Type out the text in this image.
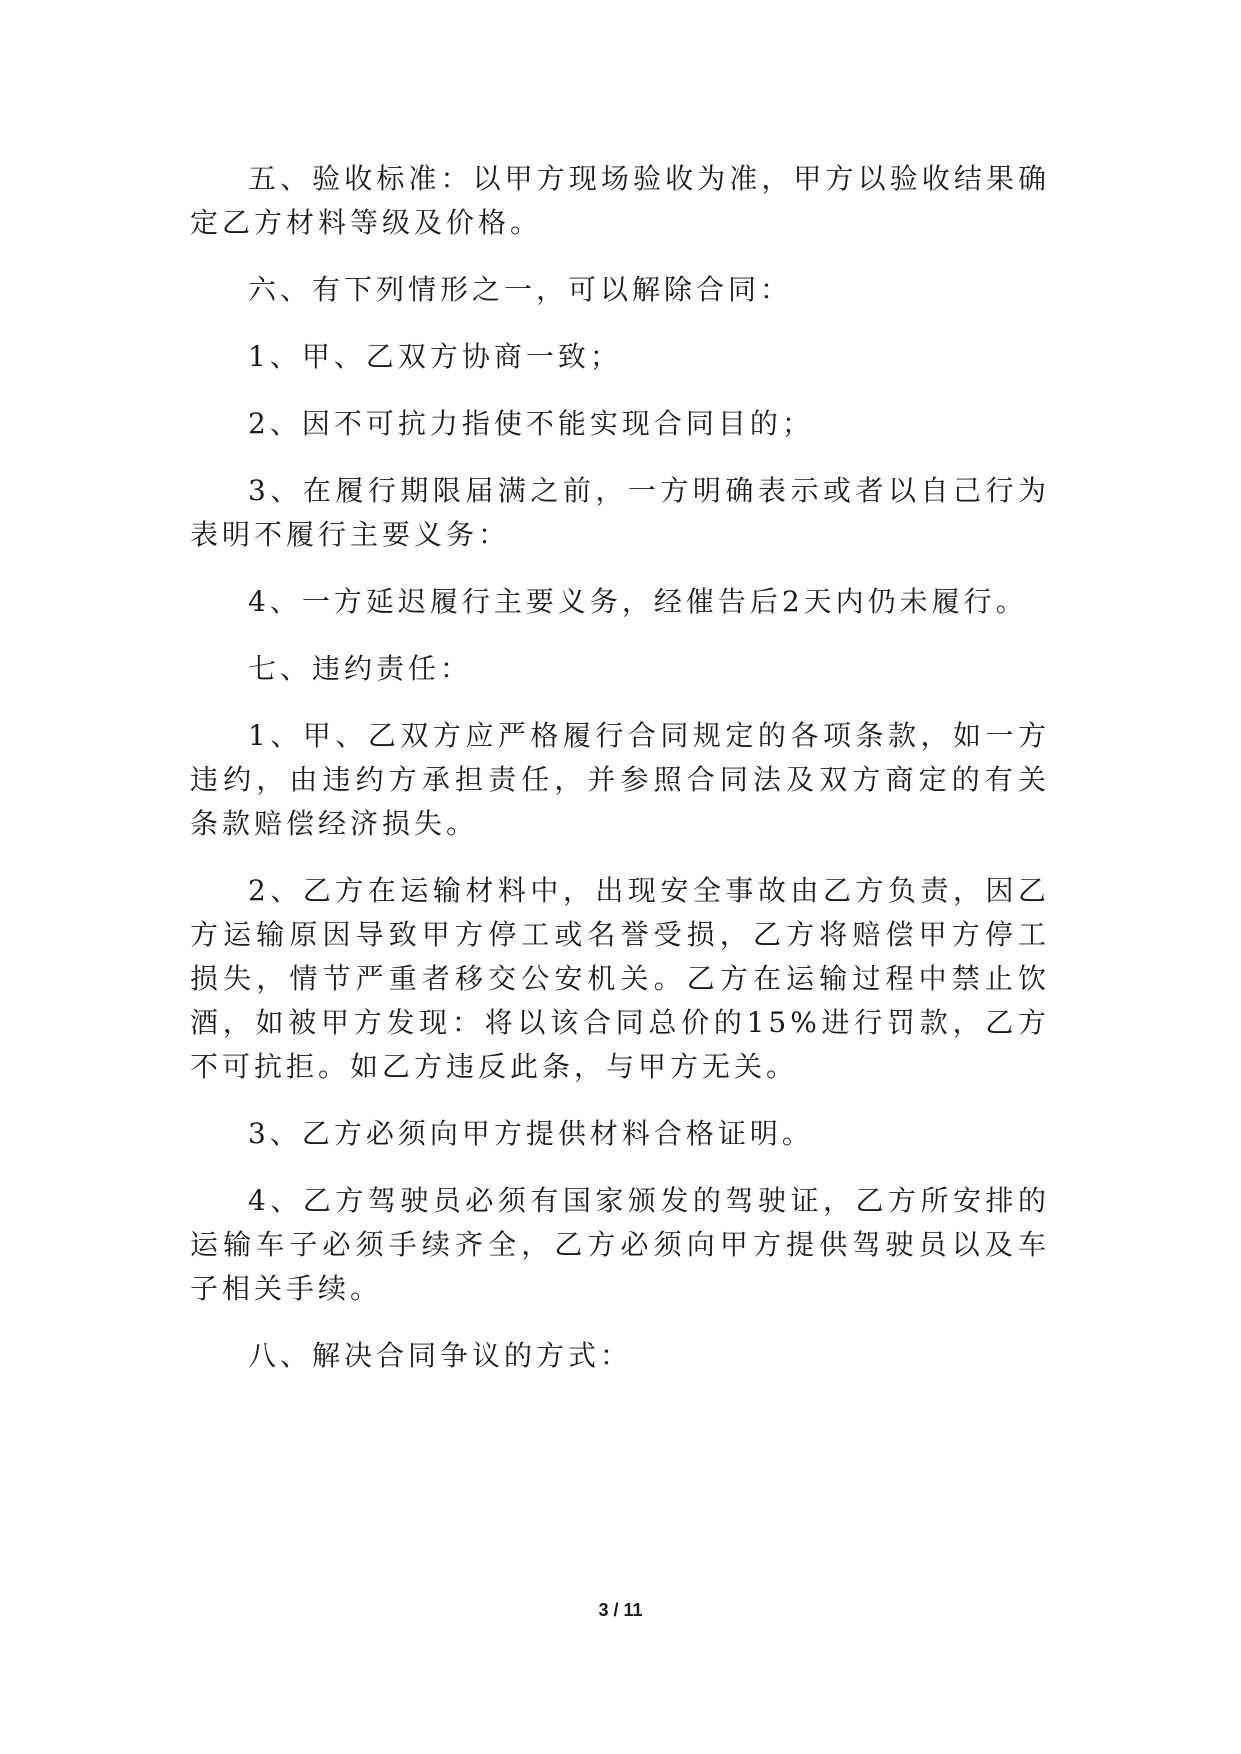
五、验收标准：以甲方现场验收为准，甲方以验收结果确定乙方材料等级及价格。

六、有下列情形之一，可以解除合同：

1、甲、乙双方协商一致；

2、因不可抗力指使不能实现合同目的；

3、在履行期限届满之前，一方明确表示或者以自己行为表明不履行主要义务：

4、一方延迟履行主要义务，经催告后2天内仍未履行。

七、违约责任：

1、甲、乙双方应严格履行合同规定的各项条款，如一方违约，由违约方承担责任，并参照合同法及双方商定的有关条款赔偿经济损失。

2、乙方在运输材料中，出现安全事故由乙方负责，因乙方运输原因导致甲方停工或名誉受损，乙方将赔偿甲方停工损失，情节严重者移交公安机关。乙方在运输过程中禁止饮酒，如被甲方发现：将以该合同总价的15%进行罚款，乙方不可抗拒。如乙方违反此条，与甲方无关。

3、乙方必须向甲方提供材料合格证明。

4、乙方驾驶员必须有国家颁发的驾驶证，乙方所安排的运输车子必须手续齐全，乙方必须向甲方提供驾驶员以及车子相关手续。

八、解决合同争议的方式：

3 / 11
